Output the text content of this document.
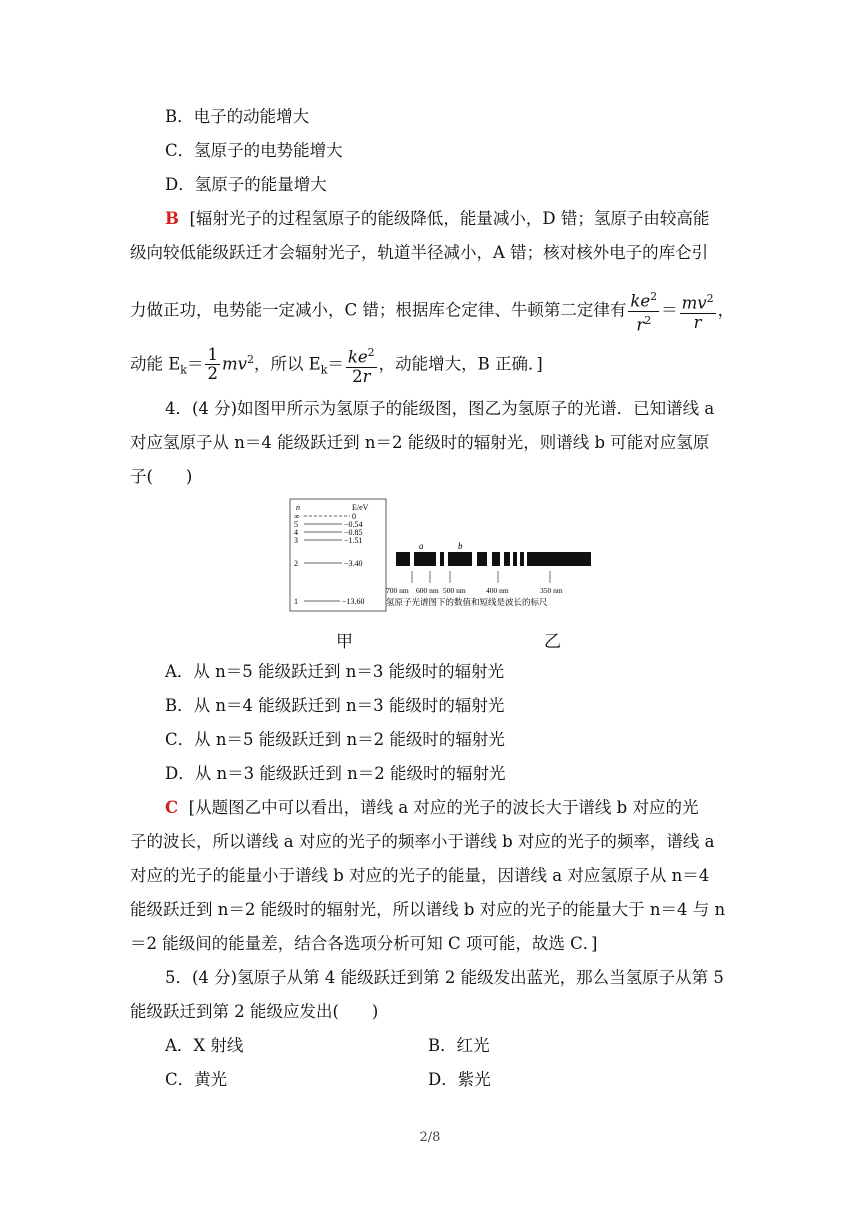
B．电子的动能增大
C．氢原子的电势能增大
D．氢原子的能量增大
B [辐射光子的过程氢原子的能级降低，能量减小，D 错；氢原子由较高能
级向较低能级跃迁才会辐射光子，轨道半径减小，A 错；核对核外电子的库仑引
力做正功，电势能一定减小，C 错；根据库仑定律、牛顿第二定律有 $\frac{ke^2}{r^2} = \frac{mv^2}{r}$ ，
动能 $E_k= \frac{1}{2} mv^2$，所以 $E_k= \frac{ke^2}{2r}$ ，动能增大，B 正确．]
4．(4 分)如图甲所示为氢原子的能级图，图乙为氢原子的光谱．已知谱线 a
对应氢原子从 n＝4 能级跃迁到 n＝2 能级时的辐射光，则谱线 b 可能对应氢原
子(　　)
n	E/eV
∞	0
5	−0.54
4	−0.85
3	−1.51
2	−3.40
1	−13.60
a	b
700 nm 600 nm 500 nm	400 nm	350 nm
氢原子光谱图下的数值和短线是波长的标尺
甲	乙
A．从 n＝5 能级跃迁到 n＝3 能级时的辐射光
B．从 n＝4 能级跃迁到 n＝3 能级时的辐射光
C．从 n＝5 能级跃迁到 n＝2 能级时的辐射光
D．从 n＝3 能级跃迁到 n＝2 能级时的辐射光
C [从题图乙中可以看出，谱线 a 对应的光子的波长大于谱线 b 对应的光
子的波长，所以谱线 a 对应的光子的频率小于谱线 b 对应的光子的频率，谱线 a
对应的光子的能量小于谱线 b 对应的光子的能量，因谱线 a 对应氢原子从 n＝4
能级跃迁到 n＝2 能级时的辐射光，所以谱线 b 对应的光子的能量大于 n＝4 与 n
＝2 能级间的能量差，结合各选项分析可知 C 项可能，故选 C．]
5．(4 分)氢原子从第 4 能级跃迁到第 2 能级发出蓝光，那么当氢原子从第 5
能级跃迁到第 2 能级应发出(　　)
A．X 射线	B．红光
C．黄光	D．紫光
2/8
